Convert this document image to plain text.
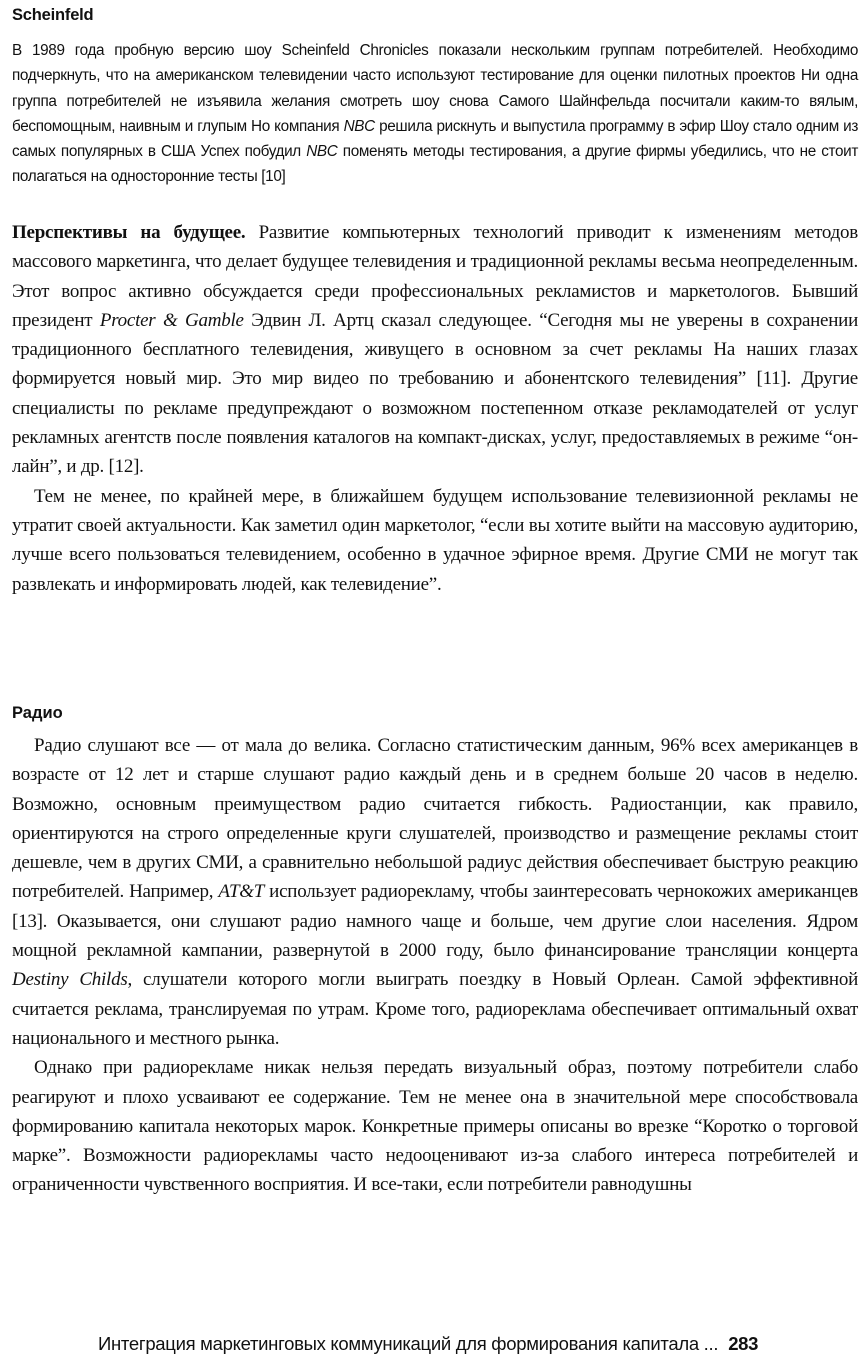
Scheinfeld
В 1989 года пробную версию шоу Scheinfeld Chronicles показали нескольким группам потребителей. Необходимо подчеркнуть, что на американском телевидении часто используют тестирование для оценки пилотных проектов Ни одна группа потребителей не изъявила желания смотреть шоу снова Самого Шайнфельда посчитали каким-то вялым, беспомощным, наивным и глупым Но компания NBC решила рискнуть и выпустила программу в эфир Шоу стало одним из самых популярных в США Успех побудил NBC поменять методы тестирования, а другие фирмы убедились, что не стоит полагаться на односторонние тесты [10]

Перспективы на будущее. Развитие компьютерных технологий приводит к изменениям методов массового маркетинга, что делает будущее телевидения и традиционной рекламы весьма неопределенным. Этот вопрос активно обсуждается среди профессиональных рекламистов и маркетологов. Бывший президент Procter & Gamble Эдвин Л. Артц сказал следующее. “Сегодня мы не уверены в сохранении традиционного бесплатного телевидения, живущего в основном за счет рекламы На наших глазах формируется новый мир. Это мир видео по требованию и абонентского телевидения” [11]. Другие специалисты по рекламе предупреждают о возможном постепенном отказе рекламодателей от услуг рекламных агентств после появления каталогов на компакт-дисках, услуг, предоставляемых в режиме “он-лайн”, и др. [12].

Тем не менее, по крайней мере, в ближайшем будущем использование телевизионной рекламы не утратит своей актуальности. Как заметил один маркетолог, “если вы хотите выйти на массовую аудиторию, лучше всего пользоваться телевидением, особенно в удачное эфирное время. Другие СМИ не могут так развлекать и информировать людей, как телевидение”.

Радио

Радио слушают все — от мала до велика. Согласно статистическим данным, 96% всех американцев в возрасте от 12 лет и старше слушают радио каждый день и в среднем больше 20 часов в неделю. Возможно, основным преимуществом радио считается гибкость. Радиостанции, как правило, ориентируются на строго определенные круги слушателей, производство и размещение рекламы стоит дешевле, чем в других СМИ, а сравнительно небольшой радиус действия обеспечивает быструю реакцию потребителей. Например, AT&T использует радиорекламу, чтобы заинтересовать чернокожих американцев [13]. Оказывается, они слушают радио намного чаще и больше, чем другие слои населения. Ядром мощной рекламной кампании, развернутой в 2000 году, было финансирование трансляции концерта Destiny Childs, слушатели которого могли выиграть поездку в Новый Орлеан. Самой эффективной считается реклама, транслируемая по утрам. Кроме того, радиореклама обеспечивает оптимальный охват национального и местного рынка.

Однако при радиорекламе никак нельзя передать визуальный образ, поэтому потребители слабо реагируют и плохо усваивают ее содержание. Тем не менее она в значительной мере способствовала формированию капитала некоторых марок. Конкретные примеры описаны во врезке “Коротко о торговой марке”. Возможности радиорекламы часто недооценивают из-за слабого интереса потребителей и ограниченности чувственного восприятия. И все-таки, если потребители равнодушны

Интеграция маркетинговых коммуникаций для формирования капитала ... 283
